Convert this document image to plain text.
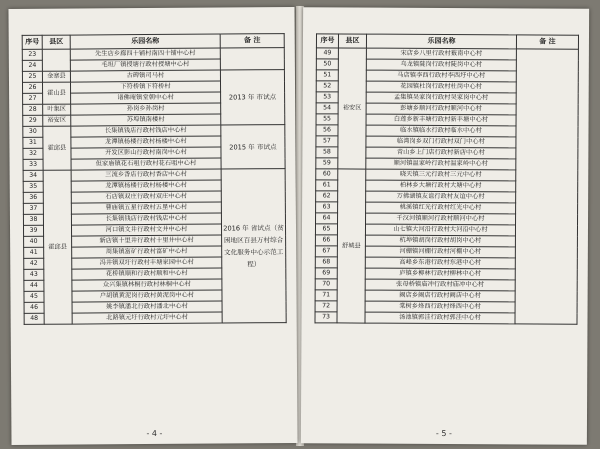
序号	县区	乐园名称	备 注
23		先生店乡廊四十铺村南四十铺中心村	
24		毛坦厂镇授塘行政村授塘中心村	
25	金寨县	古碑镇司马村	2013 年 市试点
26	霍山县	下符桥镇下符桥村	
27		诸佛庵镇堂朝中心村	
28	叶集区	孙岗乡孙岗村	
29	裕安区	苏埠镇南楼村	
30	霍邱县	长集镇钱店行政村钱店中心村	2015 年 市试点
31		龙潭镇杨楼行政村杨楼中心村	
32		开发区影山行政村南岗中心村	
33		但家庙镇花石咀行政村花石咀中心村	
34	霍邱县	三流乡香店行政村香店中心村	2016 年 省试点（贫困地区百县万村综合文化服务中心示范工程）
35		龙潭镇杨楼行政村杨楼中心村	
36		石店镇双庄行政村双庄中心村	
37		曹庙镇五星行政村五星中心村	
38		长集镇钱店行政村钱店中心村	
39		河口镇文井行政村文井中心村	
40		新店镇十里井行政村十里井中心村	
41		周集镇富矿行政村富矿中心村	
42		冯井镇双圩行政村丰塘家园中心村	
43		花桥镇顺和行政村顺和中心村	
44		众兴集镇林桐行政村林桐中心村	
45		户胡镇黄泥岗行政村黄泥岗中心村	
46		姚李镇潘北行政村潘北中心村	
48		北路镇元圩行政村元圩中心村	
- 4 -
序号	县区	乐园名称	备 注
49	裕安区	宋店乡八里行政村薮南中心村	
50		乌龙镇陡岗行政村陡岗中心村	
51		马店镇李西行政村李西圩中心村	
52		花园镇杜岗行政村杜岗中心村	
53		孟集镇吴家岗行政村吴家岗中心村	
54		彭塘乡顺河行政村顺河中心村	
55		白莲乡新丰塘行政村新丰塘中心村	
56		临水镇临水行政村临水中心村	
57		临湾岗乡双门行政村双门中心村	
58		青山乡上门店行政村新店中心村	
59		顺河镇温家岭行政村温家岭中心村	
60	舒城县	晓天镇三元行政村三元中心村	
61		柏林乡大塘行政村大塘中心村	
62		万佛湖镇友谊行政村友谊中心村	
63		桃溪镇红光行政村红光中心村	
64		千汉河镇顺河行政村顺河中心村	
65		山七镇大河沿行政村大河沿中心村	
66		杭埠镇胡岗行政村胡岗中心村	
67		河棚镇河棚行政村河棚中心村	
68		高峰乡东港行政村东港中心村	
69		庐镇乡柳林行政村柳林中心村	
70		张母桥镇庙冲行政村庙冲中心村	
71		阙店乡阙店行政村阙店中心村	
72		棠树乡烽西行政村烽西中心村	
73		汤池镇郭洼行政村郭洼中心村	
- 5 -
